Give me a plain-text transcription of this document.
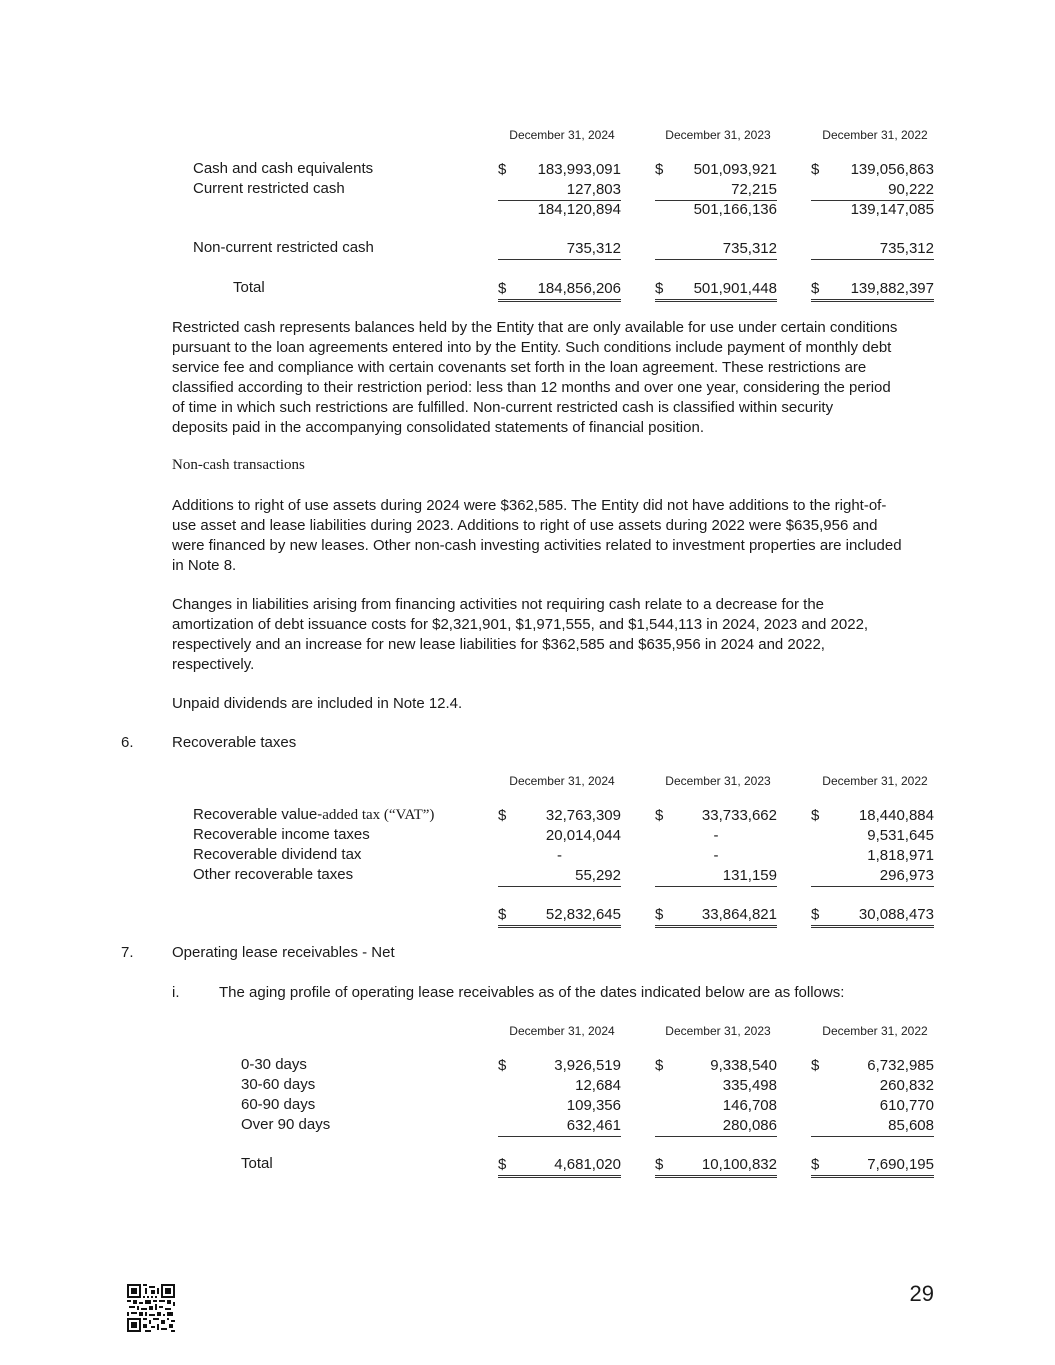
December 31, 2024	December 31, 2023	December 31, 2022
Cash and cash equivalents	$ 183,993,091 $ 501,093,921 $ 139,056,863
Current restricted cash	127,803	72,215	90,222
184,120,894	501,166,136	139,147,085
Non-current restricted cash	735,312	735,312	735,312
Total	$ 184,856,206 $ 501,901,448 $ 139,882,397
Restricted cash represents balances held by the Entity that are only available for use under certain conditions
pursuant to the loan agreements entered into by the Entity. Such conditions include payment of monthly debt
service fee and compliance with certain covenants set forth in the loan agreement. These restrictions are
classified according to their restriction period: less than 12 months and over one year, considering the period
of time in which such restrictions are fulfilled. Non-current restricted cash is classified within security
deposits paid in the accompanying consolidated statements of financial position.
Non-cash transactions
Additions to right of use assets during 2024 were $362,585. The Entity did not have additions to the right-of-
use asset and lease liabilities during 2023. Additions to right of use assets during 2022 were $635,956 and
were financed by new leases. Other non-cash investing activities related to investment properties are included
in Note 8.
Changes in liabilities arising from financing activities not requiring cash relate to a decrease for the
amortization of debt issuance costs for $2,321,901, $1,971,555, and $1,544,113 in 2024, 2023 and 2022,
respectively and an increase for new lease liabilities for $362,585 and $635,956 in 2024 and 2022,
respectively.
Unpaid dividends are included in Note 12.4.
6.	Recoverable taxes
December 31, 2024	December 31, 2023	December 31, 2022
Recoverable value-added tax (“VAT”)	$	32,763,309 $	33,733,662 $	18,440,884
Recoverable income taxes	20,014,044	-	9,531,645
Recoverable dividend tax	-	-	1,818,971
Other recoverable taxes	55,292	131,159	296,973
$	52,832,645 $	33,864,821 $	30,088,473
7.	Operating lease receivables - Net
i.	The aging profile of operating lease receivables as of the dates indicated below are as follows:
December 31, 2024	December 31, 2023	December 31, 2022
0-30 days	$	3,926,519 $	9,338,540 $	6,732,985
30-60 days	12,684	335,498	260,832
60-90 days	109,356	146,708	610,770
Over 90 days	632,461	280,086	85,608
Total	$	4,681,020 $	10,100,832 $	7,690,195
29
